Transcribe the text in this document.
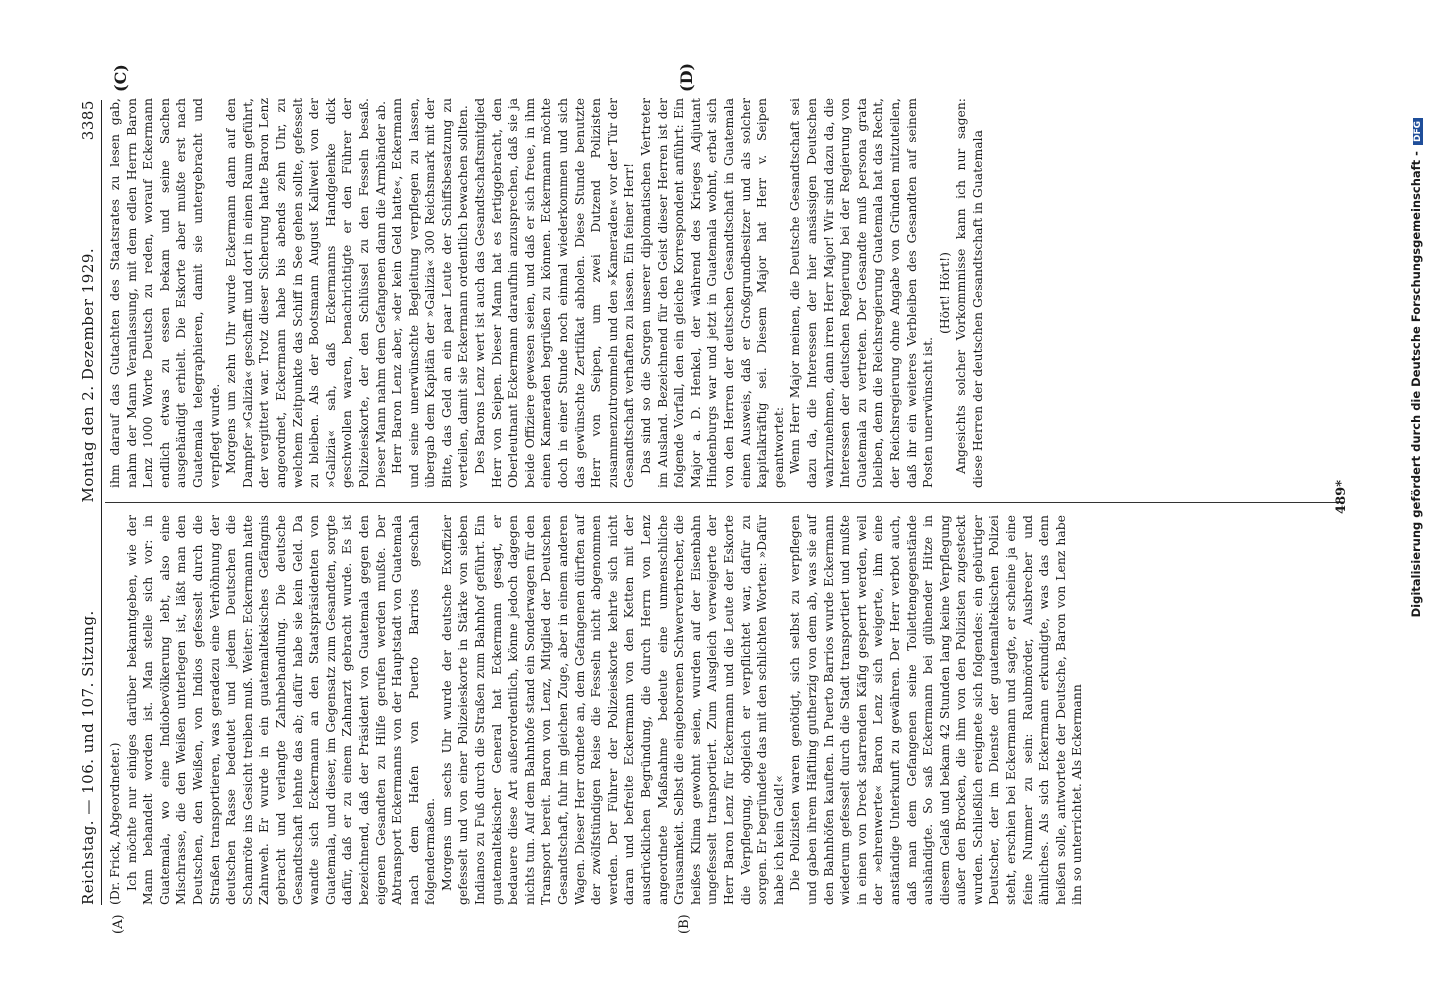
Reichstag. — 106. und 107. Sitzung.
Montag den 2. Dezember 1929.
3385
(A)	(B)
(C)	(D)

(Dr. Frick, Abgeordneter.) Ich möchte nur einiges darüber bekanntgeben, wie der Mann behandelt worden ist. Man stelle sich vor: in Guatemala, wo eine Indiobevölkerung lebt, also eine Mischrasse, die den Weißen unterlegen ist, läßt man den Deutschen, den Weißen, von Indios gefesselt durch die Straßen transportieren, was geradezu eine Verhöhnung der deutschen Rasse bedeutet und jedem Deutschen die Schamröte ins Gesicht treiben muß. Weiter: Eckermann hatte Zahnweh. Er wurde in ein guatemaltekisches Gefängnis gebracht und verlangte Zahnbehandlung. Die deutsche Gesandtschaft lehnte das ab; dafür habe sie kein Geld. Da wandte sich Eckermann an den Staatspräsidenten von Guatemala, und dieser, im Gegensatz zum Gesandten, sorgte dafür, daß er zu einem Zahnarzt gebracht wurde. Es ist bezeichnend, daß der Präsident von Guatemala gegen den eigenen Gesandten zu Hilfe gerufen werden mußte. Der Abtransport Eckermanns von der Hauptstadt von Guatemala nach dem Hafen von Puerto Barrios geschah folgendermaßen. Morgens um sechs Uhr wurde der deutsche Exoffizier gefesselt und von einer Polizeieskorte in Stärke von sieben Indianos zu Fuß durch die Straßen zum Bahnhof geführt. Ein guatemaltekischer General hat Eckermann gesagt, er bedauere diese Art außerordentlich, könne jedoch dagegen nichts tun. Auf dem Bahnhofe stand ein Sonderwagen für den Transport bereit. Baron von Lenz, Mitglied der Deutschen Gesandtschaft, fuhr im gleichen Zuge, aber in einem anderen Wagen. Dieser Herr ordnete an, dem Gefangenen dürften auf der zwölfstündigen Reise die Fesseln nicht abgenommen werden. Der Führer der Polizeieskorte kehrte sich nicht daran und befreite Eckermann von den Ketten mit der ausdrücklichen Begründung, die durch Herrn von Lenz angeordnete Maßnahme bedeute eine unmenschliche Grausamkeit. Selbst die eingeborenen Schwerverbrecher, die heißes Klima gewohnt seien, wurden auf der Eisenbahn ungefesselt transportiert. Zum Ausgleich verweigerte der Herr Baron Lenz für Eckermann und die Leute der Eskorte die Verpflegung, obgleich er verpflichtet war, dafür zu sorgen. Er begründete das mit den schlichten Worten: »Dafür habe ich kein Geld!« Die Polizisten waren genötigt, sich selbst zu verpflegen und gaben ihrem Häftling gutherzig von dem ab, was sie auf den Bahnhöfen kauften. In Puerto Barrios wurde Eckermann wiederum gefesselt durch die Stadt transportiert und mußte in einen von Dreck starrenden Käfig gesperrt werden, weil der »ehrenwerte« Baron Lenz sich weigerte, ihm eine anständige Unterkunft zu gewähren. Der Herr verbot auch, daß man dem Gefangenen seine Toilettengegenstände aushändigte. So saß Eckermann bei glühender Hitze in diesem Gelaß und bekam 42 Stunden lang keine Verpflegung außer den Brocken, die ihm von den Polizisten zugesteckt wurden. Schließlich ereignete sich folgendes: ein gebürtiger Deutscher, der im Dienste der guatemaltekischen Polizei steht, erschien bei Eckermann und sagte, er scheine ja eine feine Nummer zu sein: Raubmörder, Ausbrecher und ähnliches. Als sich Eckermann erkundigte, was das denn heißen solle, antwortete der Deutsche, Baron von Lenz habe ihn so unterrichtet. Als Eckermann

ihm darauf das Gutachten des Staatsrates zu lesen gab, nahm der Mann Veranlassung, mit dem edlen Herrn Baron Lenz 1000 Worte Deutsch zu reden, worauf Eckermann endlich etwas zu essen bekam und seine Sachen ausgehändigt erhielt. Die Eskorte aber mußte erst nach Guatemala telegraphieren, damit sie untergebracht und verpflegt wurde. Morgens um zehn Uhr wurde Eckermann dann auf den Dampfer »Galizia« geschafft und dort in einen Raum geführt, der vergittert war. Trotz dieser Sicherung hatte Baron Lenz angeordnet, Eckermann habe bis abends zehn Uhr, zu welchem Zeitpunkte das Schiff in See gehen sollte, gefesselt zu bleiben. Als der Bootsmann August Kallweit von der »Galizia« sah, daß Eckermanns Handgelenke dick geschwollen waren, benachrichtigte er den Führer der Polizeieskorte, der den Schlüssel zu den Fesseln besaß. Dieser Mann nahm dem Gefangenen dann die Armbänder ab. Herr Baron Lenz aber, »der kein Geld hatte«, Eckermann und seine unerwünschte Begleitung verpflegen zu lassen, übergab dem Kapitän der »Galizia« 300 Reichsmark mit der Bitte, das Geld an ein paar Leute der Schiffsbesatzung zu verteilen, damit sie Eckermann ordentlich bewachen sollten. Des Barons Lenz wert ist auch das Gesandtschaftsmitglied Herr von Seipen. Dieser Mann hat es fertiggebracht, den Oberleutnant Eckermann daraufhin anzusprechen, daß sie ja beide Offiziere gewesen seien, und daß er sich freue, in ihm einen Kameraden begrüßen zu können. Eckermann möchte doch in einer Stunde noch einmal wiederkommen und sich das gewünschte Zertifikat abholen. Diese Stunde benutzte Herr von Seipen, um zwei Dutzend Polizisten zusammenzutrommeln und den »Kameraden« vor der Tür der Gesandtschaft verhaften zu lassen. Ein feiner Herr! Das sind so die Sorgen unserer diplomatischen Vertreter im Ausland. Bezeichnend für den Geist dieser Herren ist der folgende Vorfall, den ein gleiche Korrespondent anführt: Ein Major a. D. Henkel, der während des Krieges Adjutant Hindenburgs war und jetzt in Guatemala wohnt, erbat sich von den Herren der deutschen Gesandtschaft in Guatemala einen Ausweis, daß er Großgrundbesitzer und als solcher kapitalkräftig sei. Diesem Major hat Herr v. Seipen geantwortet: Wenn Herr Major meinen, die Deutsche Gesandtschaft sei dazu da, die Interessen der hier ansässigen Deutschen wahrzunehmen, dann irren Herr Major! Wir sind dazu da, die Interessen der deutschen Regierung bei der Regierung von Guatemala zu vertreten. Der Gesandte muß persona grata bleiben, denn die Reichsregierung Guatemala hat das Recht, der Reichsregierung ohne Angabe von Gründen mitzuteilen, daß ihr ein weiteres Verbleiben des Gesandten auf seinem Posten unerwünscht ist.

(Hört! Hört!) Angesichts solcher Vorkommnisse kann ich nur sagen: diese Herren der deutschen Gesandtschaft in Guatemala

489*	Digitalisierung gefördert durch die Deutsche Forschungsgemeinschaft - DFG
